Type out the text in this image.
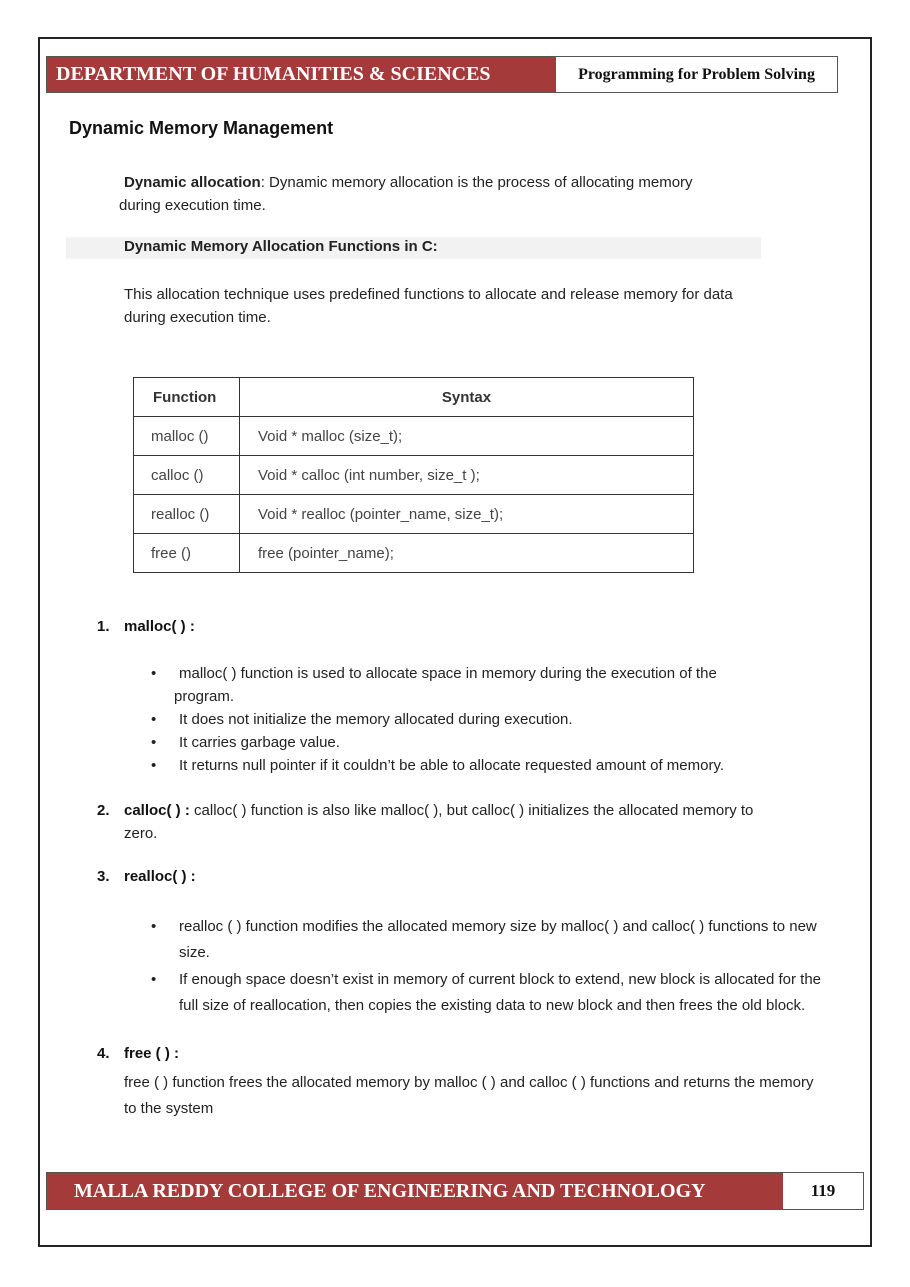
DEPARTMENT OF HUMANITIES & SCIENCES	Programming for Problem Solving
Dynamic Memory Management
Dynamic allocation: Dynamic memory allocation is the process of allocating memory
during execution time.
Dynamic Memory Allocation Functions in C:
This allocation technique uses predefined functions to allocate and release memory for data
during execution time.
Function	Syntax
malloc ()	Void * malloc (size_t);
calloc ()	Void * calloc (int number, size_t );
realloc ()	Void * realloc (pointer_name, size_t);
free ()	free (pointer_name);
1. malloc( ) :
• malloc( ) function is used to allocate space in memory during the execution of the
program.
• It does not initialize the memory allocated during execution.
• It carries garbage value.
• It returns null pointer if it couldn’t be able to allocate requested amount of memory.
2. calloc( ) : calloc( ) function is also like malloc( ), but calloc( ) initializes the allocated memory to
zero.
3. realloc( ) :
• realloc ( ) function modifies the allocated memory size by malloc( ) and calloc( ) functions to new size.
• If enough space doesn’t exist in memory of current block to extend, new block is allocated for the full size of reallocation, then copies the existing data to new block and then frees the old block.
4. free ( ) :
free ( ) function frees the allocated memory by malloc ( ) and calloc ( ) functions and returns the memory to the system
MALLA REDDY COLLEGE OF ENGINEERING AND TECHNOLOGY	119
